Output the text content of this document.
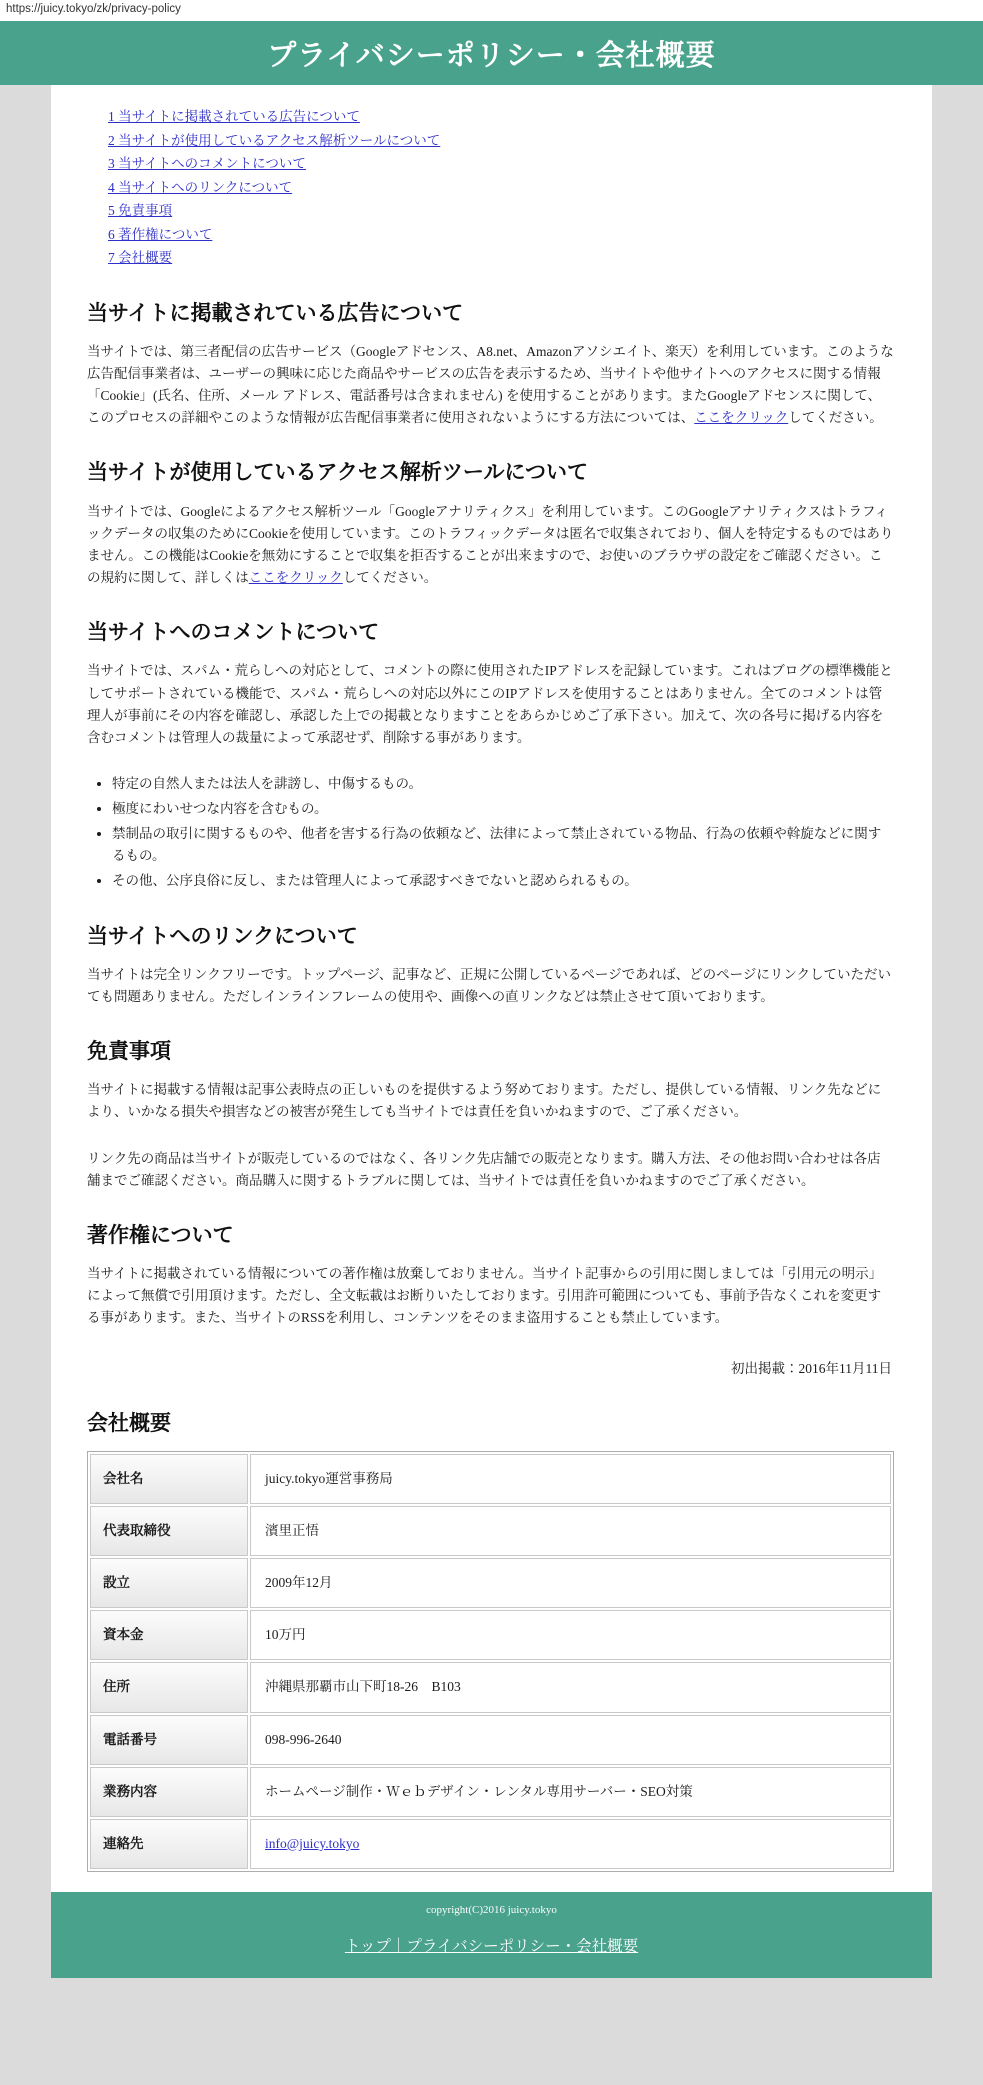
https://juicy.tokyo/zk/privacy-policy
プライバシーポリシー・会社概要
1 当サイトに掲載されている広告について
2 当サイトが使用しているアクセス解析ツールについて
3 当サイトへのコメントについて
4 当サイトへのリンクについて
5 免責事項
6 著作権について
7 会社概要
当サイトに掲載されている広告について

当サイトでは、第三者配信の広告サービス（Googleアドセンス、A8.net、Amazonアソシエイト、楽天）を利用しています。このような広告配信事業者は、ユーザーの興味に応じた商品やサービスの広告を表示するため、当サイトや他サイトへのアクセスに関する情報 「Cookie」(氏名、住所、メール アドレス、電話番号は含まれません) を使用することがあります。またGoogleアドセンスに関して、このプロセスの詳細やこのような情報が広告配信事業者に使用されないようにする方法については、ここをクリックしてください。

当サイトが使用しているアクセス解析ツールについて

当サイトでは、Googleによるアクセス解析ツール「Googleアナリティクス」を利用しています。このGoogleアナリティクスはトラフィックデータの収集のためにCookieを使用しています。このトラフィックデータは匿名で収集されており、個人を特定するものではありません。この機能はCookieを無効にすることで収集を拒否することが出来ますので、お使いのブラウザの設定をご確認ください。この規約に関して、詳しくはここをクリックしてください。

当サイトへのコメントについて

当サイトでは、スパム・荒らしへの対応として、コメントの際に使用されたIPアドレスを記録しています。これはブログの標準機能としてサポートされている機能で、スパム・荒らしへの対応以外にこのIPアドレスを使用することはありません。全てのコメントは管理人が事前にその内容を確認し、承認した上での掲載となりますことをあらかじめご了承下さい。加えて、次の各号に掲げる内容を含むコメントは管理人の裁量によって承認せず、削除する事があります。

• 特定の自然人または法人を誹謗し、中傷するもの。
• 極度にわいせつな内容を含むもの。
• 禁制品の取引に関するものや、他者を害する行為の依頼など、法律によって禁止されている物品、行為の依頼や斡旋などに関するもの。
• その他、公序良俗に反し、または管理人によって承認すべきでないと認められるもの。
当サイトへのリンクについて

当サイトは完全リンクフリーです。トップページ、記事など、正規に公開しているページであれば、どのページにリンクしていただいても問題ありません。ただしインラインフレームの使用や、画像への直リンクなどは禁止させて頂いております。

免責事項

当サイトに掲載する情報は記事公表時点の正しいものを提供するよう努めております。ただし、提供している情報、リンク先などにより、いかなる損失や損害などの被害が発生しても当サイトでは責任を負いかねますので、ご了承ください。

リンク先の商品は当サイトが販売しているのではなく、各リンク先店舗での販売となります。購入方法、その他お問い合わせは各店舗までご確認ください。商品購入に関するトラブルに関しては、当サイトでは責任を負いかねますのでご了承ください。

著作権について

当サイトに掲載されている情報についての著作権は放棄しておりません。当サイト記事からの引用に関しましては「引用元の明示」によって無償で引用頂けます。ただし、全文転載はお断りいたしております。引用許可範囲についても、事前予告なくこれを変更する事があります。また、当サイトのRSSを利用し、コンテンツをそのまま盗用することも禁止しています。

初出掲載：2016年11月11日
会社概要
会社名	juicy.tokyo運営事務局
代表取締役	濱里正悟
設立	2009年12月
資本金	10万円
住所	沖縄県那覇市山下町18-26　B103
電話番号	098-996-2640
業務内容	ホームページ制作・Ｗｅｂデザイン・レンタル専用サーバー・SEO対策
連絡先	info@juicy.tokyo
copyright(C)2016 juicy.tokyo
トップ｜プライバシーポリシー・会社概要
